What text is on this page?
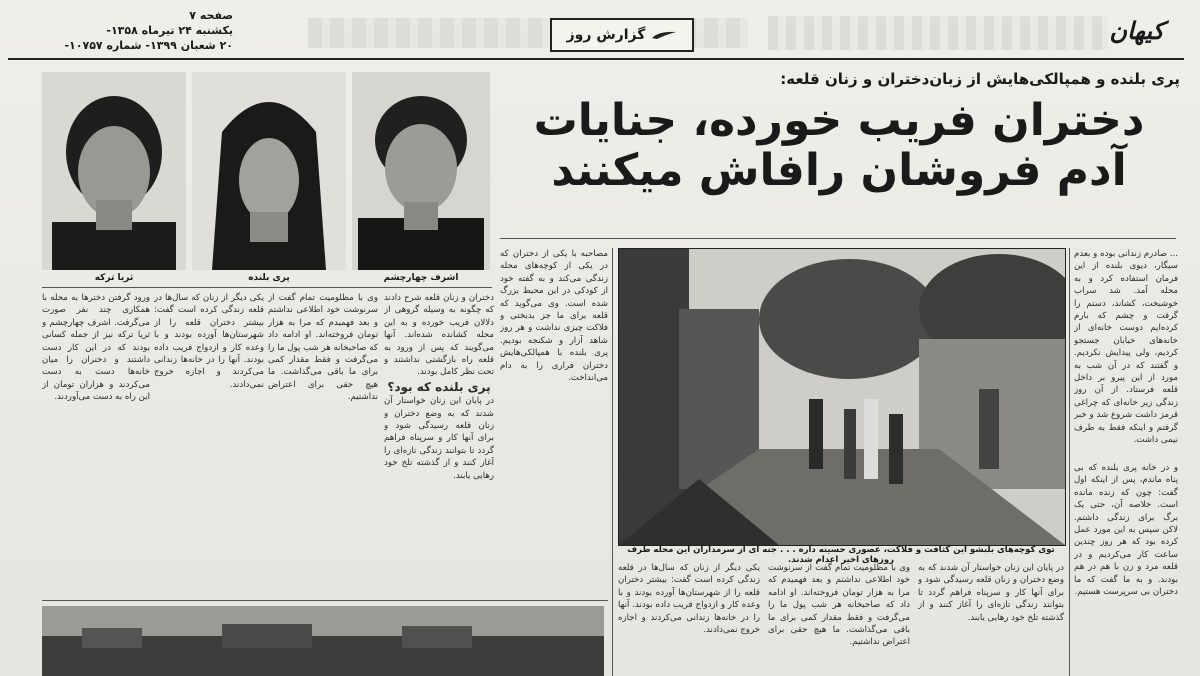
صفحه ۷
یکشنبه ۲۴ تیرماه ۱۳۵۸-
۲۰ شعبان ۱۳۹۹- شماره ۱۰۷۵۷-
گزارش روز	کیهان
ثریا ترکه	پری بلنده	اشرف چهارچشم
پری بلنده و همپالکی‌هایش از زبان‌دختران و زنان قلعه:
دختران فریب خورده، جنایات
آدم فروشان رافاش میکنند
توی کوچه‌های بلبشو این کثافت و فلاکت، عصوری حسینه داره . . . جنه ای از سرمداران این محله طرف روزهای اخیر اعدام شدند.

... صادرم زندانی بوده و بعدم سیگار، دیوی بلنده از این فرمان استفاده کرد و به محله آمد. شد سراب خوشبخت، کشاند، دستم را گرفت و چشم که بارم کرده‌ایم دوست خانه‌ای از خانه‌های خیابان جستجو کردیم، ولی پیدایش نکردیم. و گفتند که در آن شب به مورد از این پیرو بر داخل قلعه فرستاد. از آن روز زندگی زیر خانه‌ای که چراغی قرمز داشت شروع شد و خبر گرفتم و اینکه فقط به طرف نیمی داشت.

و در خانه پری بلنده که بی پناه ماندم، پس از اینکه اول گفت: چون که زنده مانده است. خلاصه آن، حتی یک برگ برای زندگی داشتم. لاکن سپس به این مورد عمل کرده بود که هر روز چندین ساعت کار می‌کردیم و در قلعه مرد و زن با هم در هم بودند. و به ما گفت که ما دختران بی سرپرست هستیم.

مصاحبه با یکی از دختران که در یکی از کوچه‌های محله زندگی می‌کند و به گفته خود از کودکی در این محیط بزرگ شده است. وی می‌گوید که قلعه برای ما جز بدبختی و فلاکت چیزی نداشت و هر روز شاهد آزار و شکنجه بودیم. پری بلنده با همپالکی‌هایش دختران فراری را به دام می‌انداخت.

دختران و زنان قلعه شرح دادند که چگونه به وسیله گروهی از دلالان فریب خورده و به این محله کشانده شده‌اند. آنها می‌گویند که پس از ورود به قلعه راه بازگشتی نداشتند و تحت نظر کامل بودند.

پری بلنده که بود؟

در پایان این زنان خواستار آن شدند که به وضع دختران و زنان قلعه رسیدگی شود و برای آنها کار و سرپناه فراهم گردد تا بتوانند زندگی تازه‌ای را آغاز کنند و از گذشته تلخ خود رهایی یابند.

وی با مظلومیت تمام گفت از سرنوشت خود اطلاعی نداشتم و بعد فهمیدم که مرا به هزار تومان فروخته‌اند. او ادامه داد که صاحبخانه هر شب پول ما را می‌گرفت و فقط مقدار کمی برای ما باقی می‌گذاشت. ما هیچ حقی برای اعتراض نداشتیم.

یکی دیگر از زنان که سال‌ها در قلعه زندگی کرده است گفت: بیشتر دختران قلعه را از شهرستان‌ها آورده بودند و با وعده کار و ازدواج فریب داده بودند. آنها را در خانه‌ها زندانی می‌کردند و اجازه خروج نمی‌دادند.

ورود گرفتن دخترها به محله با همکاری چند نفر صورت می‌گرفت. اشرف چهارچشم و ثریا ترکه نیز از جمله کسانی بودند که در این کار دست داشتند و دختران را میان خانه‌ها دست به دست می‌کردند و هزاران تومان از این راه به دست می‌آوردند.

یکی دیگر از زنان که سال‌ها در قلعه زندگی کرده است گفت: بیشتر دختران قلعه را از شهرستان‌ها آورده بودند و با وعده کار و ازدواج فریب داده بودند. آنها را در خانه‌ها زندانی می‌کردند و اجازه خروج نمی‌دادند.

وی با مظلومیت تمام گفت از سرنوشت خود اطلاعی نداشتم و بعد فهمیدم که مرا به هزار تومان فروخته‌اند. او ادامه داد که صاحبخانه هر شب پول ما را می‌گرفت و فقط مقدار کمی برای ما باقی می‌گذاشت. ما هیچ حقی برای اعتراض نداشتیم.

در پایان این زنان خواستار آن شدند که به وضع دختران و زنان قلعه رسیدگی شود و برای آنها کار و سرپناه فراهم گردد تا بتوانند زندگی تازه‌ای را آغاز کنند و از گذشته تلخ خود رهایی یابند.
